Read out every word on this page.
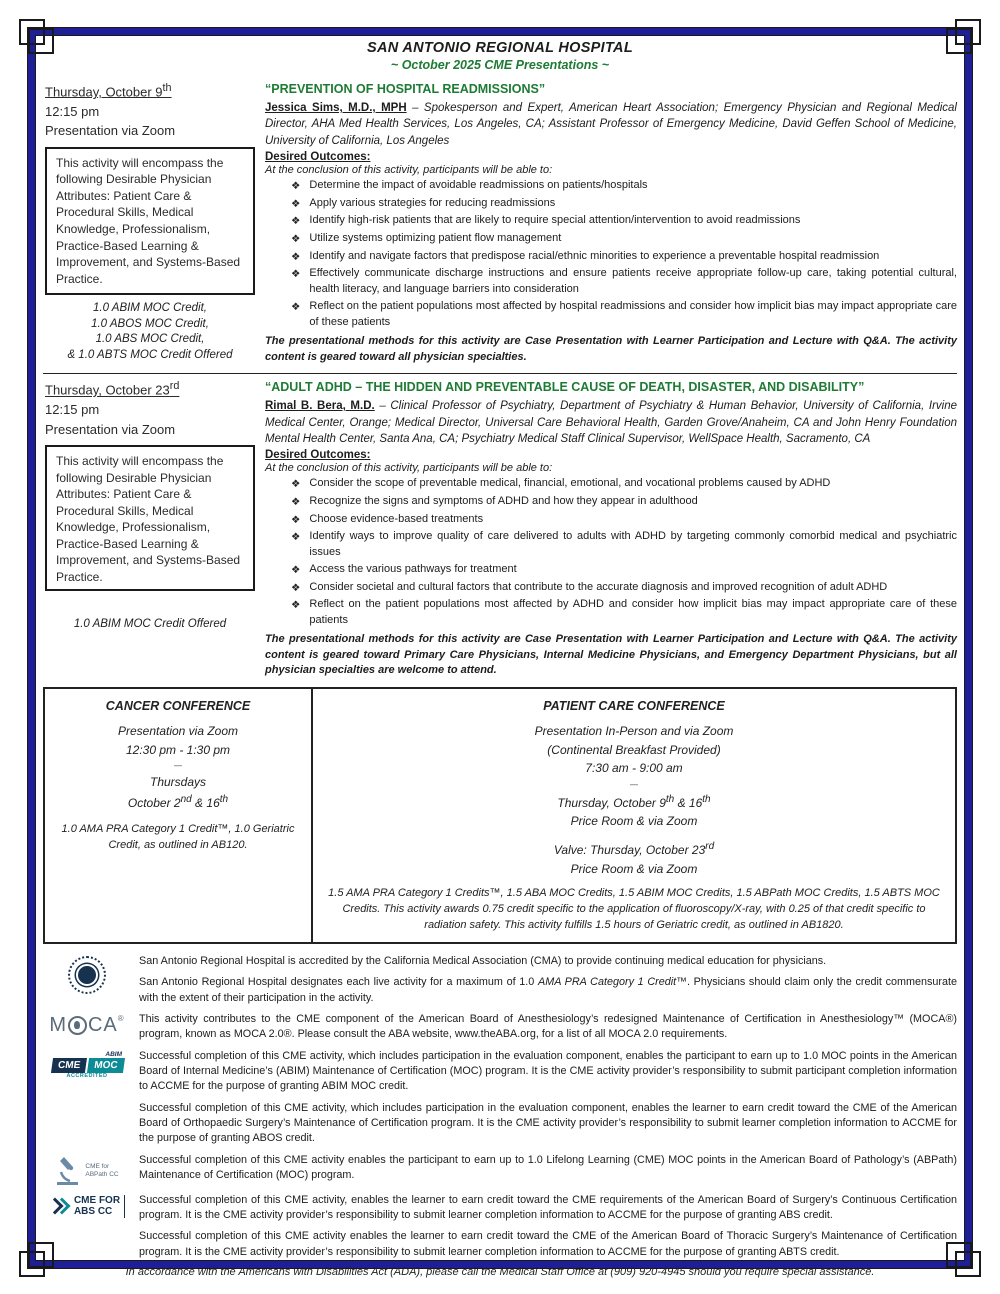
SAN ANTONIO REGIONAL HOSPITAL
~ October 2025 CME Presentations ~
Thursday, October 9th
12:15 pm
Presentation via Zoom
This activity will encompass the following Desirable Physician Attributes: Patient Care & Procedural Skills, Medical Knowledge, Professionalism, Practice-Based Learning & Improvement, and Systems-Based Practice.
1.0 ABIM MOC Credit,
1.0 ABOS MOC Credit,
1.0 ABS MOC Credit,
& 1.0 ABTS MOC Credit Offered
“PREVENTION OF HOSPITAL READMISSIONS”

Jessica Sims, M.D., MPH – Spokesperson and Expert, American Heart Association; Emergency Physician and Regional Medical Director, AHA Med Health Services, Los Angeles, CA; Assistant Professor of Emergency Medicine, David Geffen School of Medicine, University of California, Los Angeles

Desired Outcomes:
At the conclusion of this activity, participants will be able to:
❖ Determine the impact of avoidable readmissions on patients/hospitals
❖ Apply various strategies for reducing readmissions
❖ Identify high-risk patients that are likely to require special attention/intervention to avoid readmissions
❖ Utilize systems optimizing patient flow management
❖ Identify and navigate factors that predispose racial/ethnic minorities to experience a preventable hospital readmission
❖ Effectively communicate discharge instructions and ensure patients receive appropriate follow-up care, taking potential cultural, health literacy, and language barriers into consideration
❖ Reflect on the patient populations most affected by hospital readmissions and consider how implicit bias may impact appropriate care of these patients

The presentational methods for this activity are Case Presentation with Learner Participation and Lecture with Q&A. The activity content is geared toward all physician specialties.

Thursday, October 23rd
12:15 pm
Presentation via Zoom
This activity will encompass the following Desirable Physician Attributes: Patient Care & Procedural Skills, Medical Knowledge, Professionalism, Practice-Based Learning & Improvement, and Systems-Based Practice.
1.0 ABIM MOC Credit Offered
“ADULT ADHD – THE HIDDEN AND PREVENTABLE CAUSE OF DEATH, DISASTER, AND DISABILITY”

Rimal B. Bera, M.D. – Clinical Professor of Psychiatry, Department of Psychiatry & Human Behavior, University of California, Irvine Medical Center, Orange; Medical Director, Universal Care Behavioral Health, Garden Grove/Anaheim, CA and John Henry Foundation Mental Health Center, Santa Ana, CA; Psychiatry Medical Staff Clinical Supervisor, WellSpace Health, Sacramento, CA

Desired Outcomes:
At the conclusion of this activity, participants will be able to:
❖ Consider the scope of preventable medical, financial, emotional, and vocational problems caused by ADHD
❖ Recognize the signs and symptoms of ADHD and how they appear in adulthood
❖ Choose evidence-based treatments
❖ Identify ways to improve quality of care delivered to adults with ADHD by targeting commonly comorbid medical and psychiatric issues
❖ Access the various pathways for treatment
❖ Consider societal and cultural factors that contribute to the accurate diagnosis and improved recognition of adult ADHD
❖ Reflect on the patient populations most affected by ADHD and consider how implicit bias may impact appropriate care of these patients

The presentational methods for this activity are Case Presentation with Learner Participation and Lecture with Q&A. The activity content is geared toward Primary Care Physicians, Internal Medicine Physicians, and Emergency Department Physicians, but all physician specialties are welcome to attend.

CANCER CONFERENCE
Presentation via Zoom
12:30 pm - 1:30 pm
—
Thursdays
October 2nd & 16th
1.0 AMA PRA Category 1 Credit™, 1.0 Geriatric Credit, as outlined in AB120.
PATIENT CARE CONFERENCE
Presentation In-Person and via Zoom
(Continental Breakfast Provided)
7:30 am - 9:00 am
—
Thursday, October 9th & 16th
Price Room & via Zoom
Valve: Thursday, October 23rd
Price Room & via Zoom
1.5 AMA PRA Category 1 Credits™, 1.5 ABA MOC Credits, 1.5 ABIM MOC Credits, 1.5 ABPath MOC Credits, 1.5 ABTS MOC Credits. This activity awards 0.75 credit specific to the application of fluoroscopy/X-ray, with 0.25 of that credit specific to radiation safety. This activity fulfills 1.5 hours of Geriatric credit, as outlined in AB1820.

San Antonio Regional Hospital is accredited by the California Medical Association (CMA) to provide continuing medical education for physicians.

San Antonio Regional Hospital designates each live activity for a maximum of 1.0 AMA PRA Category 1 Credit™. Physicians should claim only the credit commensurate with the extent of their participation in the activity.

M CA ® This activity contributes to the CME component of the American Board of Anesthesiology’s redesigned Maintenance of Certification in Anesthesiology™ (MOCA®) program, known as MOCA 2.0®. Please consult the ABA website, www.theABA.org, for a list of all MOCA 2.0 requirements.

ABIM
CME	MOC
ACCREDITED

Successful completion of this CME activity, which includes participation in the evaluation component, enables the participant to earn up to 1.0 MOC points in the American Board of Internal Medicine’s (ABIM) Maintenance of Certification (MOC) program. It is the CME activity provider’s responsibility to submit participant completion information to ACCME for the purpose of granting ABIM MOC credit.

Successful completion of this CME activity, which includes participation in the evaluation component, enables the learner to earn credit toward the CME of the American Board of Orthopaedic Surgery’s Maintenance of Certification program. It is the CME activity provider’s responsibility to submit learner completion information to ACCME for the purpose of granting ABOS credit.

CME for
ABPath CC

Successful completion of this CME activity enables the participant to earn up to 1.0 Lifelong Learning (CME) MOC points in the American Board of Pathology’s (ABPath) Maintenance of Certification (MOC) program.

CME FOR
ABS CC

Successful completion of this CME activity, enables the learner to earn credit toward the CME requirements of the American Board of Surgery’s Continuous Certification program. It is the CME activity provider’s responsibility to submit learner completion information to ACCME for the purpose of granting ABS credit.

Successful completion of this CME activity enables the learner to earn credit toward the CME of the American Board of Thoracic Surgery’s Maintenance of Certification program. It is the CME activity provider’s responsibility to submit learner completion information to ACCME for the purpose of granting ABTS credit.

In accordance with the Americans with Disabilities Act (ADA), please call the Medical Staff Office at (909) 920-4945 should you require special assistance.
